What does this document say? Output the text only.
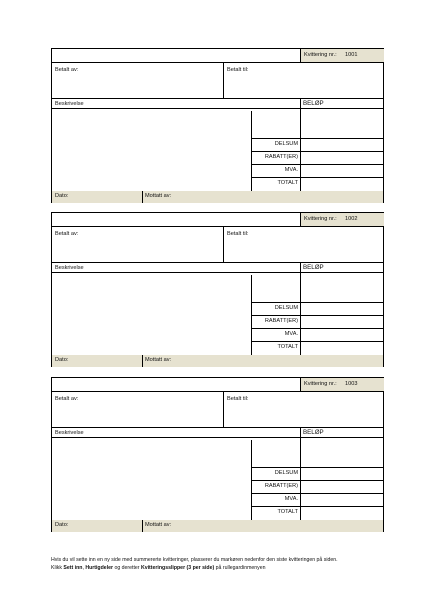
Kvittering nr.: 1001
Betalt av:	Betalt til:
Beskrivelse	BELØP
DELSUM
RABATT(ER)
MVA.
TOTALT
Dato:	Mottatt av:
Kvittering nr.: 1002
Betalt av:	Betalt til:
Beskrivelse	BELØP
DELSUM
RABATT(ER)
MVA.
TOTALT
Dato:	Mottatt av:
Kvittering nr.: 1003
Betalt av:	Betalt til:
Beskrivelse	BELØP
DELSUM
RABATT(ER)
MVA.
TOTALT
Dato:	Mottatt av:
Hvis du vil sette inn en ny side med summererte kvitteringer, plasserer du markøren nedenfor den siste kvitteringen på siden.
Klikk Sett inn, Hurtigdeler og deretter Kvitteringsslipper (3 per side) på rullegardinmenyen
